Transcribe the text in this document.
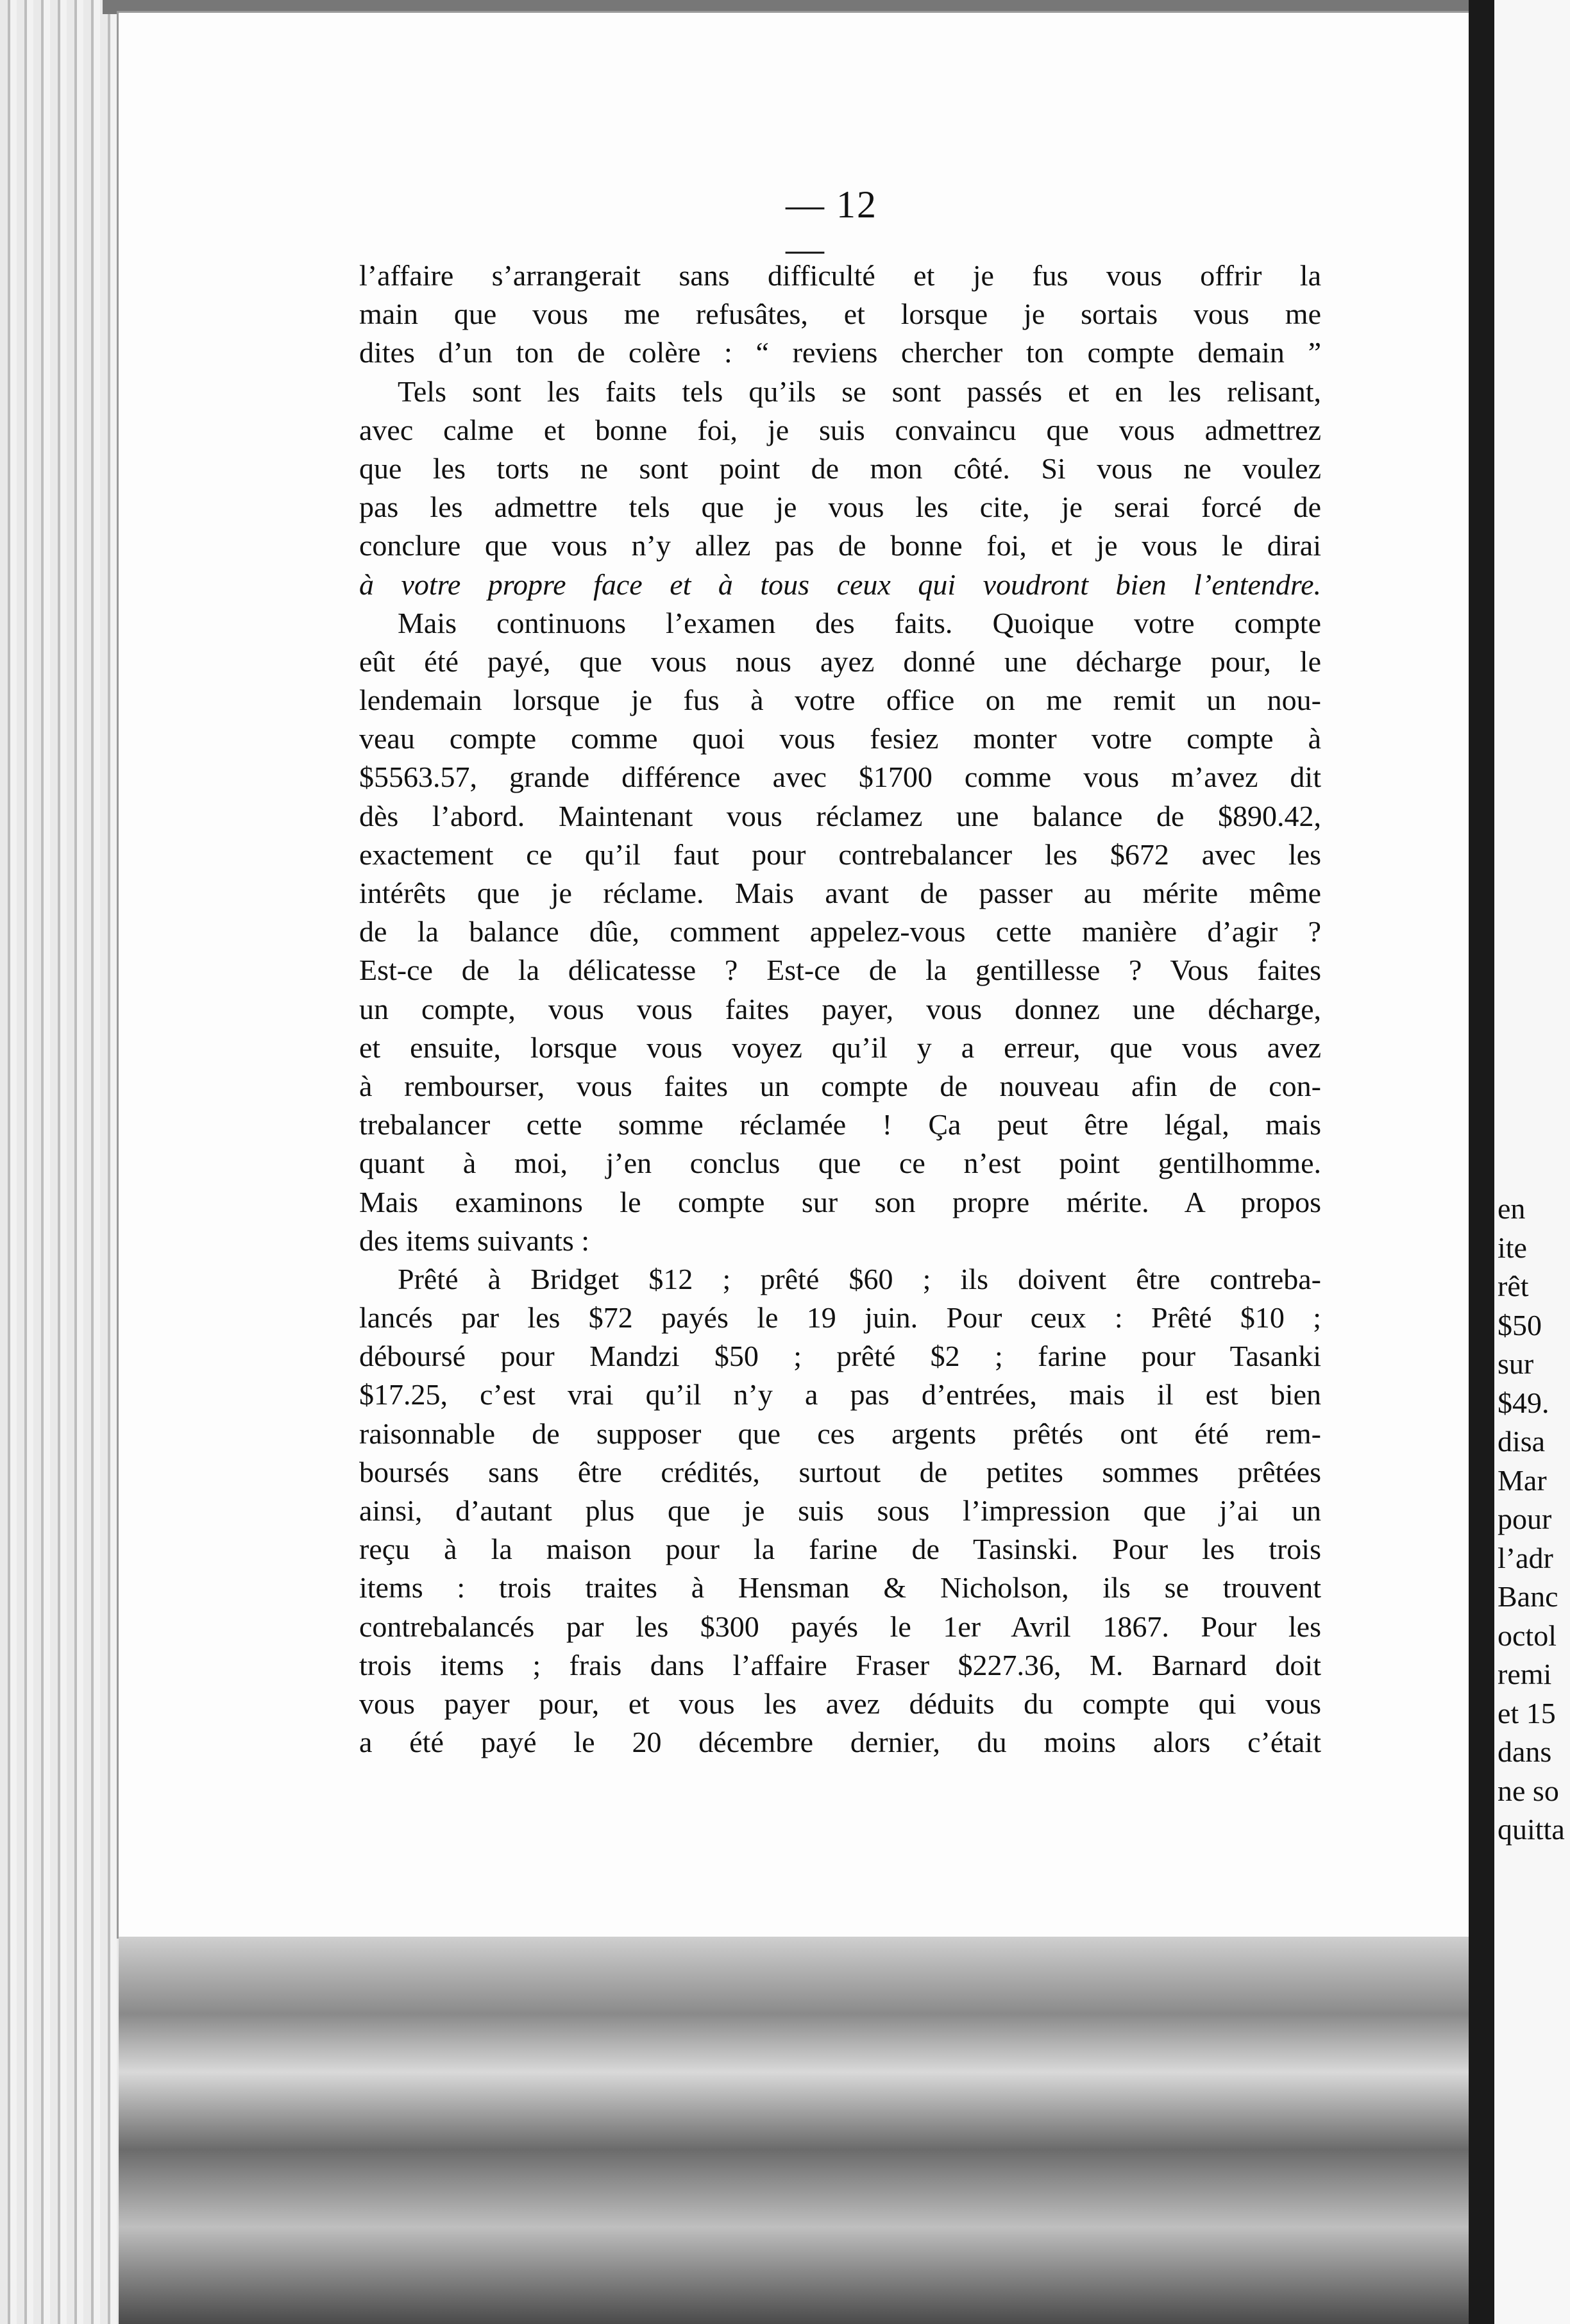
— 12 —
l’affaire s’arrangerait sans difficulté et je fus vous offrir la
main que vous me refusâtes, et lorsque je sortais vous me
dites d’un ton de colère : “ reviens chercher ton compte demain ”
Tels sont les faits tels qu’ils se sont passés et en les relisant,
avec calme et bonne foi, je suis convaincu que vous admettrez
que les torts ne sont point de mon côté. Si vous ne voulez
pas les admettre tels que je vous les cite, je serai forcé de
conclure que vous n’y allez pas de bonne foi, et je vous le dirai
à votre propre face et à tous ceux qui voudront bien l’entendre.
Mais continuons l’examen des faits. Quoique votre compte
eût été payé, que vous nous ayez donné une décharge pour, le
lendemain lorsque je fus à votre office on me remit un nou-
veau compte comme quoi vous fesiez monter votre compte à
$5563.57, grande différence avec $1700 comme vous m’avez dit
dès l’abord. Maintenant vous réclamez une balance de $890.42,
exactement ce qu’il faut pour contrebalancer les $672 avec les
intérêts que je réclame. Mais avant de passer au mérite même
de la balance dûe, comment appelez-vous cette manière d’agir ?
Est-ce de la délicatesse ? Est-ce de la gentillesse ? Vous faites
un compte, vous vous faites payer, vous donnez une décharge,
et ensuite, lorsque vous voyez qu’il y a erreur, que vous avez
à rembourser, vous faites un compte de nouveau afin de con-
trebalancer cette somme réclamée ! Ça peut être légal, mais
quant à moi, j’en conclus que ce n’est point gentilhomme.
Mais examinons le compte sur son propre mérite. A propos
des items suivants :
Prêté à Bridget $12 ; prêté $60 ; ils doivent être contreba-
lancés par les $72 payés le 19 juin. Pour ceux : Prêté $10 ;
déboursé pour Mandzi $50 ; prêté $2 ; farine pour Tasanki
$17.25, c’est vrai qu’il n’y a pas d’entrées, mais il est bien
raisonnable de supposer que ces argents prêtés ont été rem-
boursés sans être crédités, surtout de petites sommes prêtées
ainsi, d’autant plus que je suis sous l’impression que j’ai un
reçu à la maison pour la farine de Tasinski. Pour les trois
items : trois traites à Hensman & Nicholson, ils se trouvent
contrebalancés par les $300 payés le 1er Avril 1867. Pour les
trois items ; frais dans l’affaire Fraser $227.36, M. Barnard doit
vous payer pour, et vous les avez déduits du compte qui vous
a été payé le 20 décembre dernier, du moins alors c’était
en
ite
rêt
$50
sur
$49.
disa
Mar
pour
l’adr
Banc
octol
remi
et 15
dans
ne so
quitta
